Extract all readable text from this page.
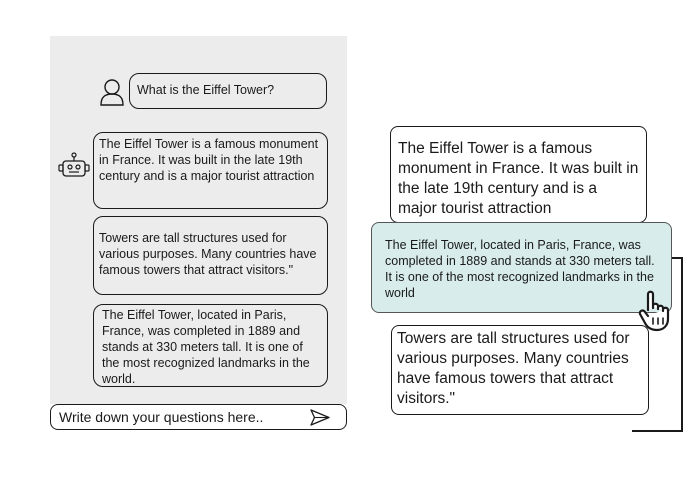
What is the Eiffel Tower?
The Eiffel Tower is a famous monument in France. It was built in the late 19th century and is a major tourist attraction
Towers are tall structures used for various purposes. Many countries have famous towers that attract visitors."
The Eiffel Tower, located in Paris, France, was completed in 1889 and stands at 330 meters tall. It is one of the most recognized landmarks in the world.
Write down your questions here..
The Eiffel Tower is a famous monument in France. It was built in the late 19th century and is a major tourist attraction
Towers are tall structures used for various purposes. Many countries have famous towers that attract visitors."
The Eiffel Tower, located in Paris, France, was completed in 1889 and stands at 330 meters tall. It is one of the most recognized landmarks in the world
